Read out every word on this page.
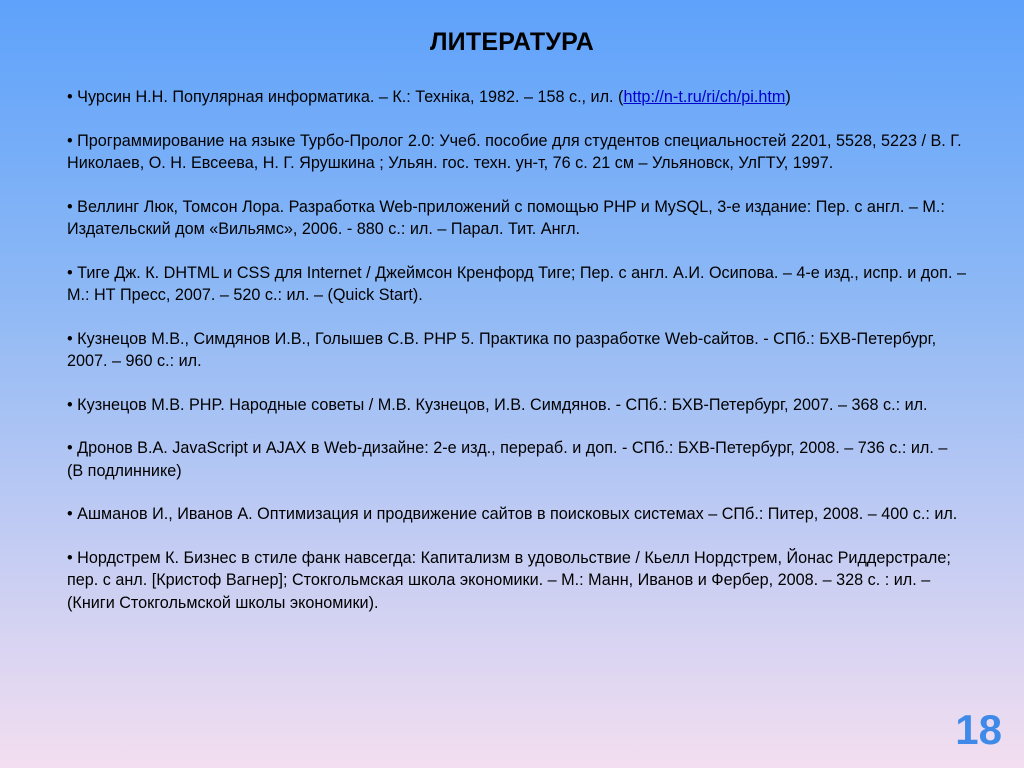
ЛИТЕРАТУРА
• Чурсин Н.Н. Популярная информатика. – К.: Техніка, 1982. – 158 с., ил. (http://n-t.ru/ri/ch/pi.htm)
• Программирование на языке Турбо-Пролог 2.0: Учеб. пособие для студентов специальностей 2201, 5528, 5223 / В. Г. Николаев, О. Н. Евсеева, Н. Г. Ярушкина ; Ульян. гос. техн. ун-т, 76 с. 21 см – Ульяновск, УлГТУ, 1997.
• Веллинг Люк, Томсон Лора. Разработка Web-приложений с помощью PHP и MySQL, 3-е издание: Пер. с англ. – М.: Издательский дом «Вильямс», 2006. - 880 с.: ил. – Парал. Тит. Англ.
• Тиге Дж. К. DHTML и CSS для Internet / Джеймсон Кренфорд Тиге; Пер. с англ. А.И. Осипова. – 4-е изд., испр. и доп. – М.: НТ Пресс, 2007. – 520 с.: ил. – (Quick Start).
• Кузнецов М.В., Симдянов И.В., Голышев С.В. PHP 5. Практика по разработке Web-сайтов. - СПб.: БХВ-Петербург, 2007. – 960 с.: ил.
• Кузнецов М.В. PHP. Народные советы / М.В. Кузнецов, И.В. Симдянов. - СПб.: БХВ-Петербург, 2007. – 368 с.: ил.
• Дронов В.А. JavaScript и AJAX в Web-дизайне: 2-е изд., перераб. и доп. - СПб.: БХВ-Петербург, 2008. – 736 с.: ил. – (В подлиннике)
• Ашманов И., Иванов А. Оптимизация и продвижение сайтов в поисковых системах – СПб.: Питер, 2008. – 400 с.: ил.
• Нордстрем К. Бизнес в стиле фанк навсегда: Капитализм в удовольствие / Кьелл Нордстрем, Йонас Риддерстрале; пер. с анл. [Кристоф Вагнер]; Стокгольмская школа экономики. – М.: Манн, Иванов и Фербер, 2008. – 328 с. : ил. – (Книги Стокгольмской школы экономики).
18
